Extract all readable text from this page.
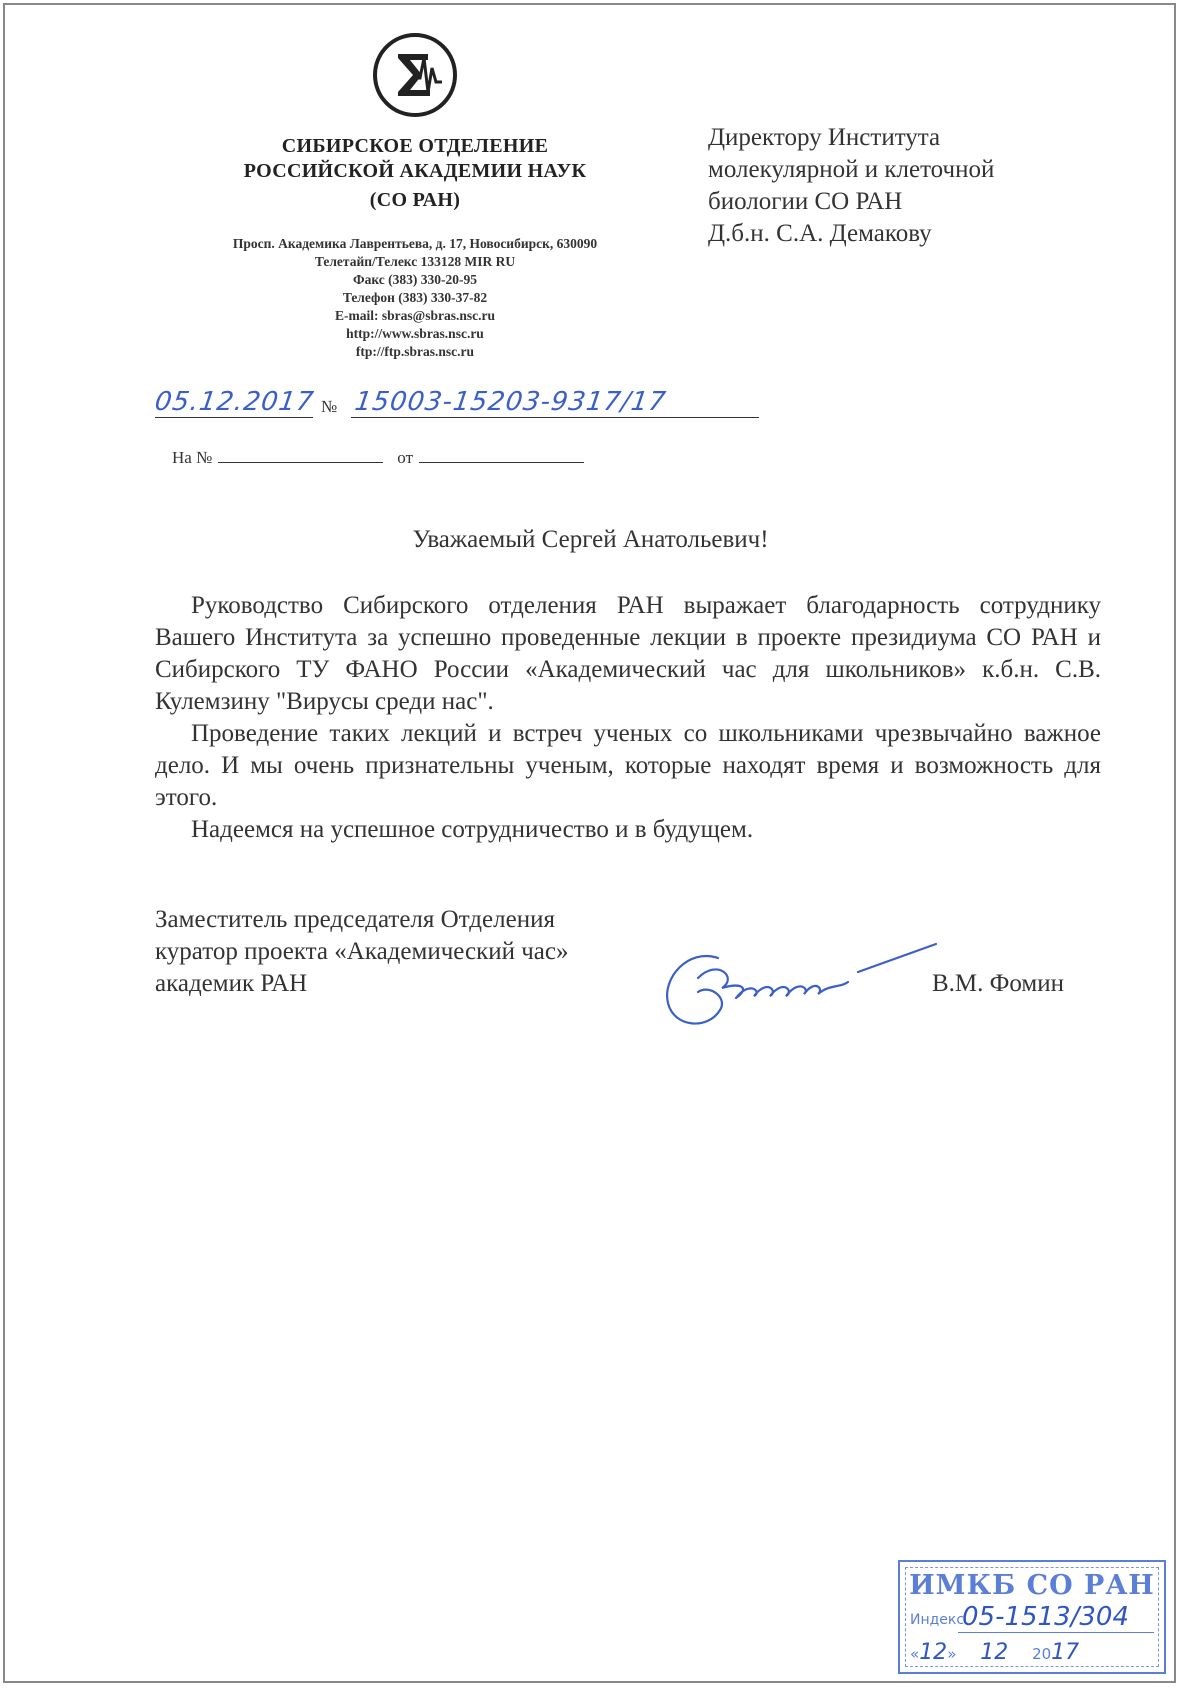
СИБИРСКОЕ ОТДЕЛЕНИЕ
РОССИЙСКОЙ АКАДЕМИИ НАУК
(СО РАН)
Просп. Академика Лаврентьева, д. 17, Новосибирск, 630090
Телетайп/Телекс 133128 MIR RU
Факс (383) 330-20-95
Телефон (383) 330-37-82
E-mail: sbras@sbras.nsc.ru
http://www.sbras.nsc.ru
ftp://ftp.sbras.nsc.ru
Директору Института
молекулярной и клеточной
биологии СО РАН
Д.б.н. С.А. Демакову
05.12.2017 № 15003-15203-9317/17
На №	от
Уважаемый Сергей Анатольевич!

Руководство Сибирского отделения РАН выражает благодарность сотруднику Вашего Института за успешно проведенные лекции в проекте президиума СО РАН и Сибирского ТУ ФАНО России «Академический час для школьников» к.б.н. С.В. Кулемзину "Вирусы среди нас".

Проведение таких лекций и встреч ученых со школьниками чрезвычайно важное дело. И мы очень признательны ученым, которые находят время и возможность для этого.

Надеемся на успешное сотрудничество и в будущем.

Заместитель председателя Отделения
куратор проекта «Академический час»
академик РАН	В.М. Фомин
ИМКБ СО РАН
Индекс
05-1513/304
«12»     12 2017
